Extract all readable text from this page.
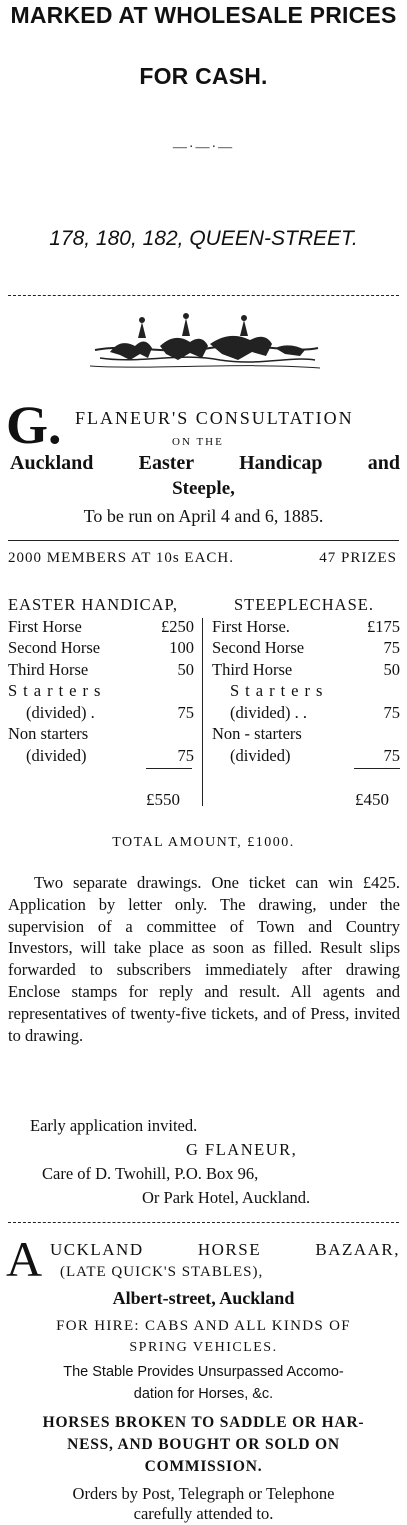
MARKED AT WHOLESALE PRICES
FOR CASH.
—·—·—
178, 180, 182, QUEEN-STREET.
G. FLANEUR'S CONSULTATION
ON THE
Auckland Easter Handicap and
Steeple,
To be run on April 4 and 6, 1885.
2000 MEMBERS AT 10s EACH.	47 PRIZES
EASTER HANDICAP,
First Horse	£250
Second Horse	100
Third Horse	50
Starters
(divided) .	75
Non starters
(divided)	75
£550
STEEPLECHASE.
First Horse.	£175
Second Horse	75
Third Horse	50
Starters
(divided) . .	75
Non - starters
(divided)	75
£450
TOTAL AMOUNT, £1000.
Two separate drawings. One ticket can win £425. Application by letter only. The drawing, under the supervision of a committee of Town and Country Investors, will take place as soon as filled. Result slips forwarded to subscribers immediately after drawing Enclose stamps for reply and result. All agents and representatives of twenty-five tickets, and of Press, invited to drawing.
Early application invited.
G FLANEUR,
Care of D. Twohill, P.O. Box 96,
Or Park Hotel, Auckland.
A UCKLAND HORSE BAZAAR,
(LATE QUICK'S STABLES),
Albert-street, Auckland
FOR HIRE: CABS AND ALL KINDS OF
SPRING VEHICLES.
The Stable Provides Unsurpassed Accomo-
dation for Horses, &c.
HORSES BROKEN TO SADDLE OR HAR-
NESS, AND BOUGHT OR SOLD ON
COMMISSION.
Orders by Post, Telegraph or Telephone
carefully attended to.
